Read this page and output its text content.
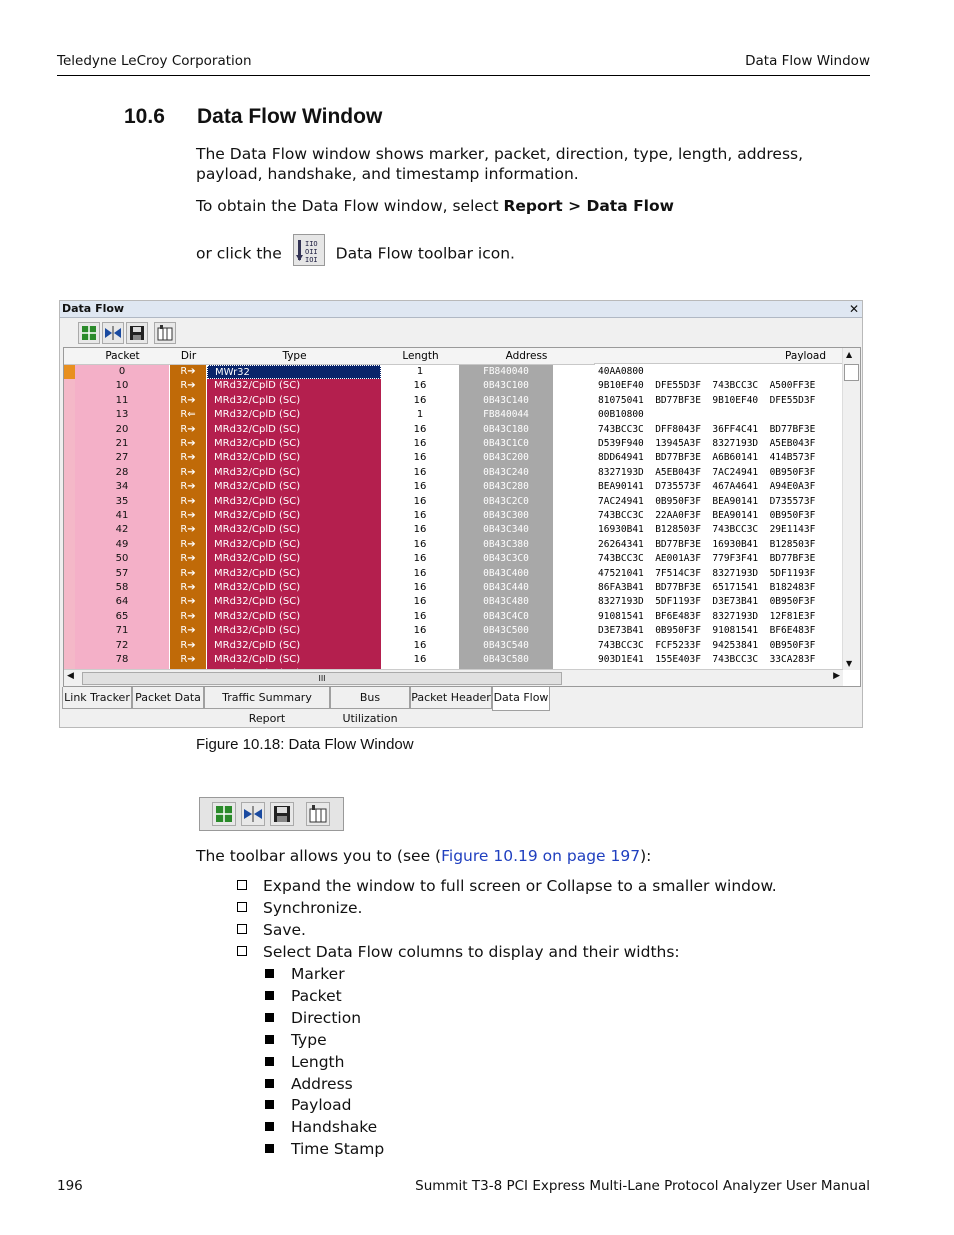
Teledyne LeCroy Corporation	Data Flow Window
10.6 Data Flow Window
The Data Flow window shows marker, packet, direction, type, length, address, payload, handshake, and timestamp information.
To obtain the Data Flow window, select Report > Data Flow
or click the
IIO
OII
IOI Data Flow toolbar icon.
Data Flow	✕
Packet	Dir	Type	Length	Address	Payload
0	R➔	MWr32	1	FB840040	40AA0800
10	R➔	MRd32/CplD (SC)	16	0B43C100	9B10EF40  DFE55D3F  743BCC3C  A500FF3E
11	R➔	MRd32/CplD (SC)	16	0B43C140	81075041  BD77BF3E  9B10EF40  DFE55D3F
13	R⇐	MRd32/CplD (SC)	1	FB840044	00B10800
20	R➔	MRd32/CplD (SC)	16	0B43C180	743BCC3C  DFF8043F  36FF4C41  BD77BF3E
21	R➔	MRd32/CplD (SC)	16	0B43C1C0	D539F940  13945A3F  8327193D  A5EB043F
27	R➔	MRd32/CplD (SC)	16	0B43C200	8DD64941  BD77BF3E  A6B60141  414B573F
28	R➔	MRd32/CplD (SC)	16	0B43C240	8327193D  A5EB043F  7AC24941  0B950F3F
34	R➔	MRd32/CplD (SC)	16	0B43C280	BEA90141  D735573F  467A4641  A94E0A3F
35	R➔	MRd32/CplD (SC)	16	0B43C2C0	7AC24941  0B950F3F  BEA90141  D735573F
41	R➔	MRd32/CplD (SC)	16	0B43C300	743BCC3C  22AA0F3F  BEA90141  0B950F3F
42	R➔	MRd32/CplD (SC)	16	0B43C340	16930B41  B128503F  743BCC3C  29E1143F
49	R➔	MRd32/CplD (SC)	16	0B43C380	26264341  BD77BF3E  16930B41  B128503F
50	R➔	MRd32/CplD (SC)	16	0B43C3C0	743BCC3C  AE001A3F  779F3F41  BD77BF3E
57	R➔	MRd32/CplD (SC)	16	0B43C400	47521041  7F514C3F  8327193D  5DF1193F
58	R➔	MRd32/CplD (SC)	16	0B43C440	86FA3B41  BD77BF3E  65171541  B182483F
64	R➔	MRd32/CplD (SC)	16	0B43C480	8327193D  5DF1193F  D3E73B41  0B950F3F
65	R➔	MRd32/CplD (SC)	16	0B43C4C0	91081541  BF6E483F  8327193D  12F81E3F
71	R➔	MRd32/CplD (SC)	16	0B43C500	D3E73B41  0B950F3F  91081541  BF6E483F
72	R➔	MRd32/CplD (SC)	16	0B43C540	743BCC3C  FCF5233F  94253841  0B950F3F
78	R➔	MRd32/CplD (SC)	16	0B43C580	903D1E41  155E403F  743BCC3C  33CA283F
▲
▼
◀	III	▶
Link Tracker Packet Data	Traffic Summary Report
Bus Utilization
Packet Header Data Flow
Figure 10.18: Data Flow Window
The toolbar allows you to (see (Figure 10.19 on page 197):
Expand the window to full screen or Collapse to a smaller window.
Synchronize.
Save.
Select Data Flow columns to display and their widths:
Marker
Packet
Direction
Type
Length
Address
Payload
Handshake
Time Stamp
196	Summit T3-8 PCI Express Multi-Lane Protocol Analyzer User Manual
